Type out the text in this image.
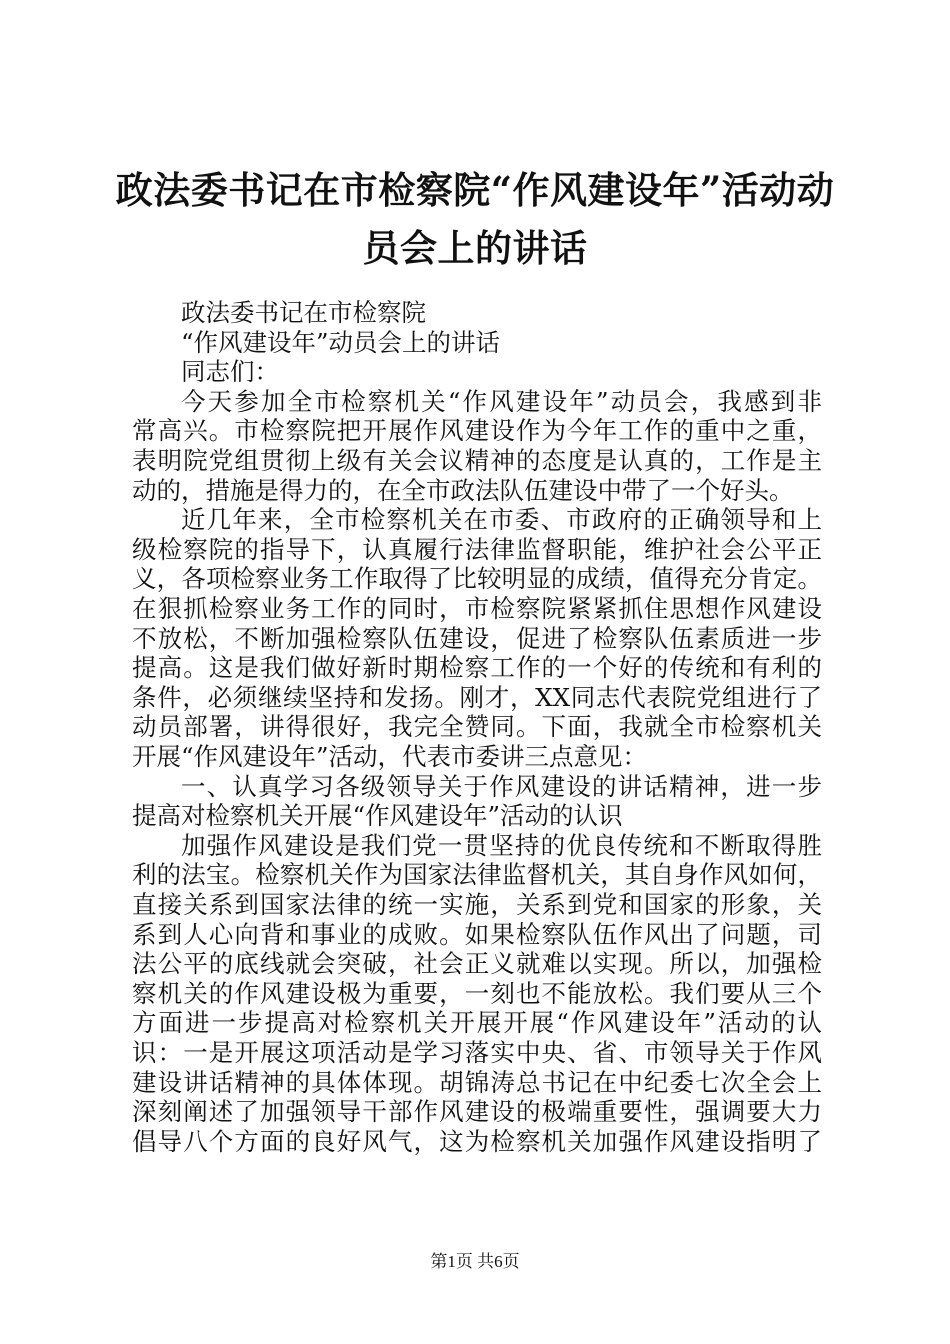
政法委书记在市检察院“作风建设年”活动动
员会上的讲话
政法委书记在市检察院
“作风建设年”动员会上的讲话
同志们：
今天参加全市检察机关“作风建设年”动员会，我感到非
常高兴。市检察院把开展作风建设作为今年工作的重中之重，
表明院党组贯彻上级有关会议精神的态度是认真的，工作是主
动的，措施是得力的，在全市政法队伍建设中带了一个好头。
近几年来，全市检察机关在市委、市政府的正确领导和上
级检察院的指导下，认真履行法律监督职能，维护社会公平正
义，各项检察业务工作取得了比较明显的成绩，值得充分肯定。
在狠抓检察业务工作的同时，市检察院紧紧抓住思想作风建设
不放松，不断加强检察队伍建设，促进了检察队伍素质进一步
提高。这是我们做好新时期检察工作的一个好的传统和有利的
条件，必须继续坚持和发扬。刚才，XX同志代表院党组进行了
动员部署，讲得很好，我完全赞同。下面，我就全市检察机关
开展“作风建设年”活动，代表市委讲三点意见：
一、认真学习各级领导关于作风建设的讲话精神，进一步
提高对检察机关开展“作风建设年”活动的认识
加强作风建设是我们党一贯坚持的优良传统和不断取得胜
利的法宝。检察机关作为国家法律监督机关，其自身作风如何，
直接关系到国家法律的统一实施，关系到党和国家的形象，关
系到人心向背和事业的成败。如果检察队伍作风出了问题，司
法公平的底线就会突破，社会正义就难以实现。所以，加强检
察机关的作风建设极为重要，一刻也不能放松。我们要从三个
方面进一步提高对检察机关开展开展“作风建设年”活动的认
识：一是开展这项活动是学习落实中央、省、市领导关于作风
建设讲话精神的具体体现。胡锦涛总书记在中纪委七次全会上
深刻阐述了加强领导干部作风建设的极端重要性，强调要大力
倡导八个方面的良好风气，这为检察机关加强作风建设指明了
第1页 共6页
